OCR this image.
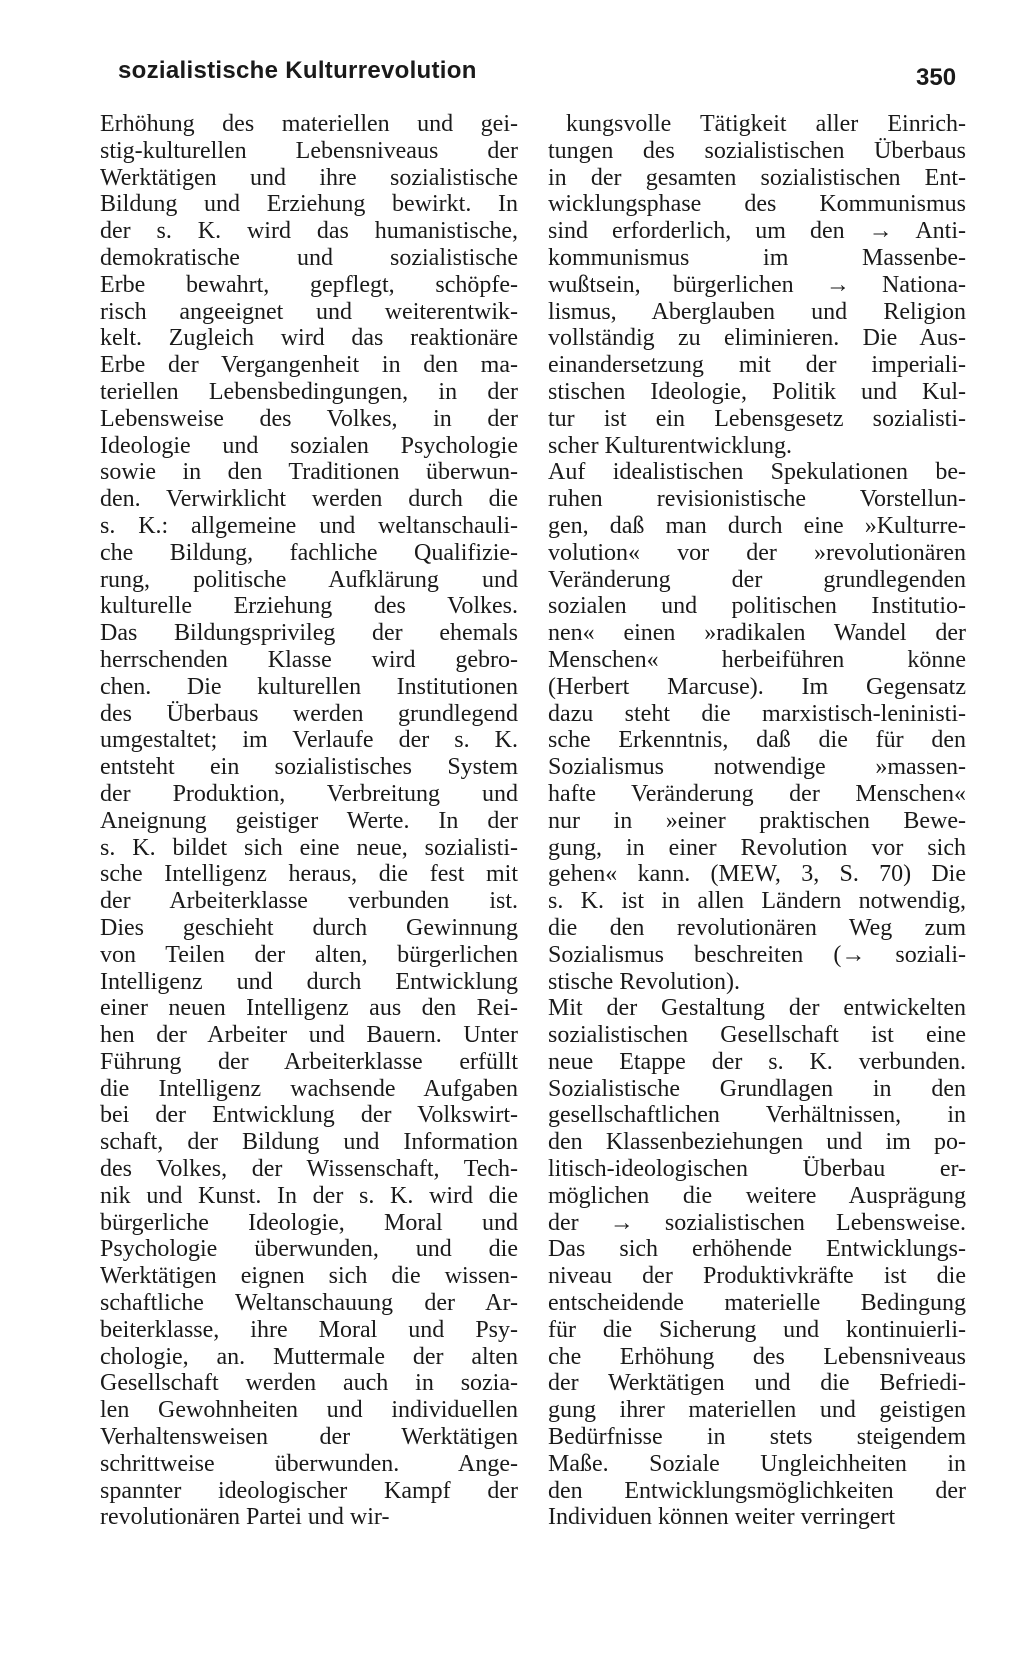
sozialistische Kulturrevolution	350
Erhöhung des materiellen und gei-
stig-kulturellen Lebensniveaus der
Werktätigen und ihre sozialistische
Bildung und Erziehung bewirkt. In
der s. K. wird das humanistische,
demokratische und sozialistische
Erbe bewahrt, gepflegt, schöpfe-
risch angeeignet und weiterentwik-
kelt. Zugleich wird das reaktionäre
Erbe der Vergangenheit in den ma-
teriellen Lebensbedingungen, in der
Lebensweise des Volkes, in der
Ideologie und sozialen Psychologie
sowie in den Traditionen überwun-
den. Verwirklicht werden durch die
s. K.: allgemeine und weltanschauli-
che Bildung, fachliche Qualifizie-
rung, politische Aufklärung und
kulturelle Erziehung des Volkes.
Das Bildungsprivileg der ehemals
herrschenden Klasse wird gebro-
chen. Die kulturellen Institutionen
des Überbaus werden grundlegend
umgestaltet; im Verlaufe der s. K.
entsteht ein sozialistisches System
der Produktion, Verbreitung und
Aneignung geistiger Werte. In der
s. K. bildet sich eine neue, sozialisti-
sche Intelligenz heraus, die fest mit
der Arbeiterklasse verbunden ist.
Dies geschieht durch Gewinnung
von Teilen der alten, bürgerlichen
Intelligenz und durch Entwicklung
einer neuen Intelligenz aus den Rei-
hen der Arbeiter und Bauern. Unter
Führung der Arbeiterklasse erfüllt
die Intelligenz wachsende Aufgaben
bei der Entwicklung der Volkswirt-
schaft, der Bildung und Information
des Volkes, der Wissenschaft, Tech-
nik und Kunst. In der s. K. wird die
bürgerliche Ideologie, Moral und
Psychologie überwunden, und die
Werktätigen eignen sich die wissen-
schaftliche Weltanschauung der Ar-
beiterklasse, ihre Moral und Psy-
chologie, an. Muttermale der alten
Gesellschaft werden auch in sozia-
len Gewohnheiten und individuellen
Verhaltensweisen der Werktätigen
schrittweise überwunden. Ange-
spannter ideologischer Kampf der
revolutionären Partei und wir-
kungsvolle Tätigkeit aller Einrich-
tungen des sozialistischen Überbaus
in der gesamten sozialistischen Ent-
wicklungsphase des Kommunismus
sind erforderlich, um den → Anti-
kommunismus im Massenbe-
wußtsein, bürgerlichen → Nationa-
lismus, Aberglauben und Religion
vollständig zu eliminieren. Die Aus-
einandersetzung mit der imperiali-
stischen Ideologie, Politik und Kul-
tur ist ein Lebensgesetz sozialisti-
scher Kulturentwicklung.
Auf idealistischen Spekulationen be-
ruhen revisionistische Vorstellun-
gen, daß man durch eine »Kulturre-
volution« vor der »revolutionären
Veränderung der grundlegenden
sozialen und politischen Institutio-
nen« einen »radikalen Wandel der
Menschen« herbeiführen könne
(Herbert Marcuse). Im Gegensatz
dazu steht die marxistisch-leninisti-
sche Erkenntnis, daß die für den
Sozialismus notwendige »massen-
hafte Veränderung der Menschen«
nur in »einer praktischen Bewe-
gung, in einer Revolution vor sich
gehen« kann. (MEW, 3, S. 70) Die
s. K. ist in allen Ländern notwendig,
die den revolutionären Weg zum
Sozialismus beschreiten (→ soziali-
stische Revolution).
Mit der Gestaltung der entwickelten
sozialistischen Gesellschaft ist eine
neue Etappe der s. K. verbunden.
Sozialistische Grundlagen in den
gesellschaftlichen Verhältnissen, in
den Klassenbeziehungen und im po-
litisch-ideologischen Überbau er-
möglichen die weitere Ausprägung
der → sozialistischen Lebensweise.
Das sich erhöhende Entwicklungs-
niveau der Produktivkräfte ist die
entscheidende materielle Bedingung
für die Sicherung und kontinuierli-
che Erhöhung des Lebensniveaus
der Werktätigen und die Befriedi-
gung ihrer materiellen und geistigen
Bedürfnisse in stets steigendem
Maße. Soziale Ungleichheiten in
den Entwicklungsmöglichkeiten der
Individuen können weiter verringert
